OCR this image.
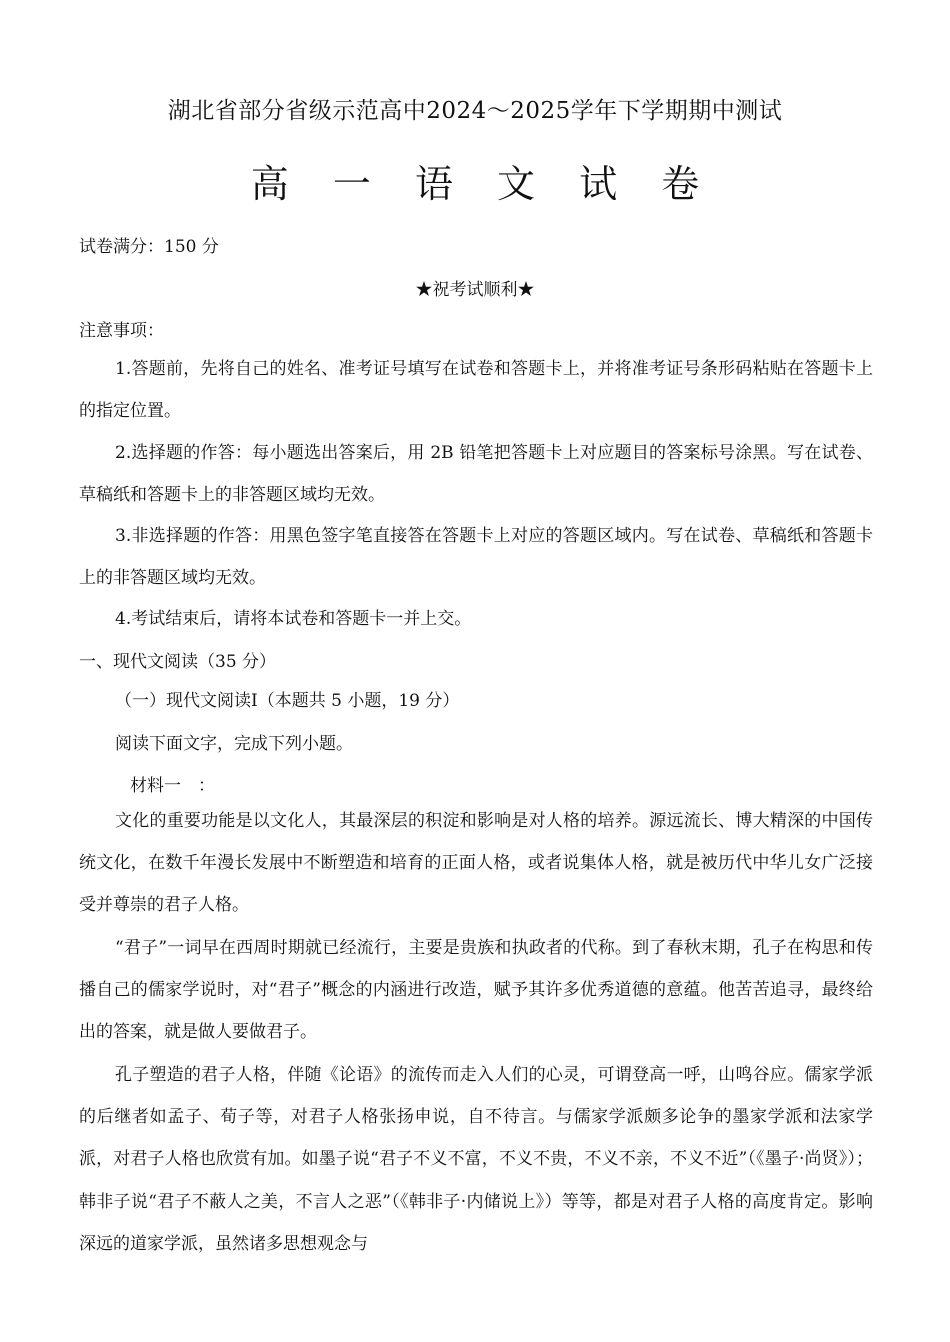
湖北省部分省级示范高中2024～2025学年下学期期中测试
高 一 语 文 试 卷
试卷满分：150 分
★祝考试顺利★
注意事项：
1.答题前，先将自己的姓名、准考证号填写在试卷和答题卡上，并将准考证号条形码粘贴在答题卡上的指定位置。
2.选择题的作答：每小题选出答案后，用 2B 铅笔把答题卡上对应题目的答案标号涂黑。写在试卷、草稿纸和答题卡上的非答题区域均无效。
3.非选择题的作答：用黑色签字笔直接答在答题卡上对应的答题区域内。写在试卷、草稿纸和答题卡上的非答题区域均无效。
4.考试结束后，请将本试卷和答题卡一并上交。
一、现代文阅读（35 分）
（一）现代文阅读Ⅰ（本题共 5 小题，19 分）
阅读下面文字，完成下列小题。
材料一　：
文化的重要功能是以文化人，其最深层的积淀和影响是对人格的培养。源远流长、博大精深的中国传统文化，在数千年漫长发展中不断塑造和培育的正面人格，或者说集体人格，就是被历代中华儿女广泛接受并尊崇的君子人格。
“君子”一词早在西周时期就已经流行，主要是贵族和执政者的代称。到了春秋末期，孔子在构思和传播自己的儒家学说时，对“君子”概念的内涵进行改造，赋予其许多优秀道德的意蕴。他苦苦追寻，最终给出的答案，就是做人要做君子。
孔子塑造的君子人格，伴随《论语》的流传而走入人们的心灵，可谓登高一呼，山鸣谷应。儒家学派的后继者如孟子、荀子等，对君子人格张扬申说，自不待言。与儒家学派颇多论争的墨家学派和法家学派，对君子人格也欣赏有加。如墨子说“君子不义不富，不义不贵，不义不亲，不义不近”（《墨子·尚贤》）；韩非子说“君子不蔽人之美，不言人之恶”（《韩非子·内储说上》）等等，都是对君子人格的高度肯定。影响深远的道家学派，虽然诸多思想观念与
